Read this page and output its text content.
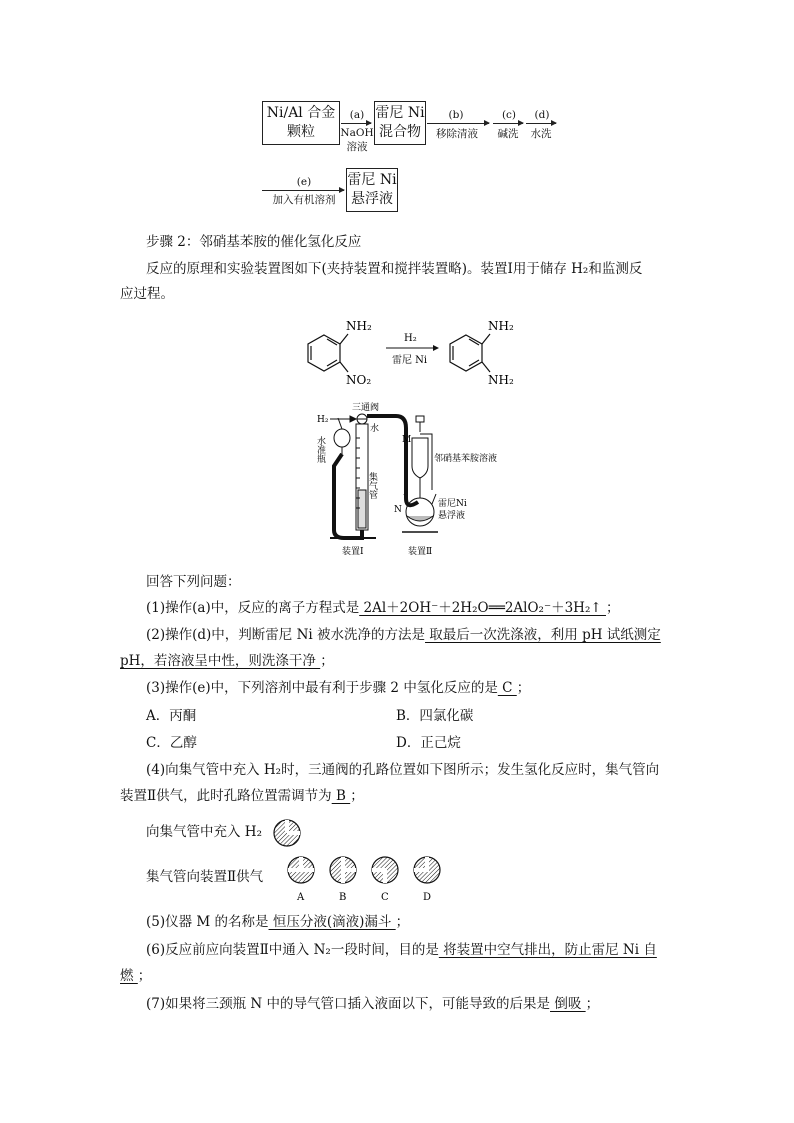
Ni/Al 合金
颗粒
(a)
NaOH
溶液
雷尼 Ni
混合物
(b)
移除清液
(c)
碱洗
(d)
水洗
(e)
加入有机溶剂
雷尼 Ni
悬浮液
步骤 2：邻硝基苯胺的催化氢化反应
反应的原理和实验装置图如下(夹持装置和搅拌装置略)。装置Ⅰ用于储存 H₂和监测反
应过程。
NH₂
NO₂
H₂
雷尼 Ni
NH₂
NH₂
H₂
三通阀
水
水准瓶
集气管
M
邻硝基苯胺溶液
N
雷尼Ni
悬浮液
装置Ⅰ	装置Ⅱ
回答下列问题：
(1)操作(a)中，反应的离子方程式是 2Al＋2OH⁻＋2H₂O══2AlO₂⁻＋3H₂↑ ；
(2)操作(d)中，判断雷尼 Ni 被水洗净的方法是 取最后一次洗涤液，利用 pH 试纸测定
pH，若溶液呈中性，则洗涤干净 ；
(3)操作(e)中，下列溶剂中最有利于步骤 2 中氢化反应的是 C ；
A．丙酮	B．四氯化碳
C．乙醇	D．正己烷
(4)向集气管中充入 H₂时，三通阀的孔路位置如下图所示；发生氢化反应时，集气管向
装置Ⅱ供气，此时孔路位置需调节为 B ；
向集气管中充入 H₂
集气管向装置Ⅱ供气
A	B	C	D
(5)仪器 M 的名称是 恒压分液(滴液)漏斗 ；
(6)反应前应向装置Ⅱ中通入 N₂一段时间，目的是 将装置中空气排出，防止雷尼 Ni 自
燃 ；
(7)如果将三颈瓶 N 中的导气管口插入液面以下，可能导致的后果是 倒吸 ；
